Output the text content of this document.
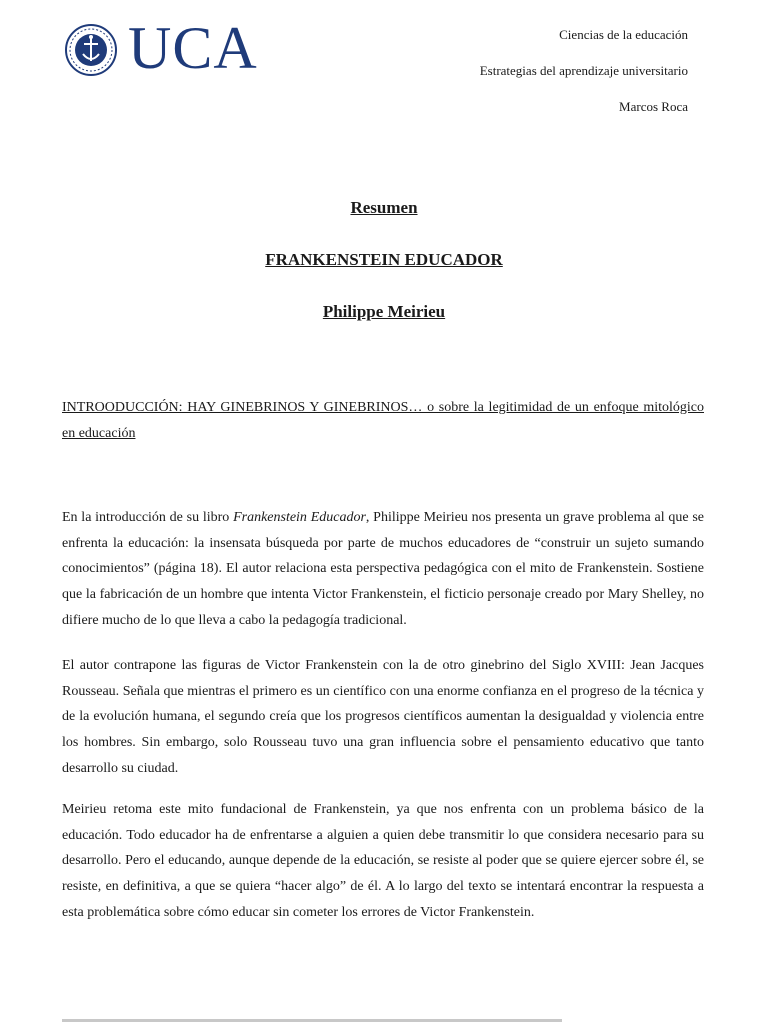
UCA	Ciencias de la educación
Estrategias del aprendizaje universitario
Marcos Roca
Resumen
FRANKENSTEIN EDUCADOR
Philippe Meirieu

INTROODUCCIÓN: HAY GINEBRINOS Y GINEBRINOS… o sobre la legitimidad de un enfoque mitológico en educación

En la introducción de su libro Frankenstein Educador, Philippe Meirieu nos presenta un grave problema al que se enfrenta la educación: la insensata búsqueda por parte de muchos educadores de “construir un sujeto sumando conocimientos” (página 18). El autor relaciona esta perspectiva pedagógica con el mito de Frankenstein. Sostiene que la fabricación de un hombre que intenta Victor Frankenstein, el ficticio personaje creado por Mary Shelley, no difiere mucho de lo que lleva a cabo la pedagogía tradicional.

El autor contrapone las figuras de Victor Frankenstein con la de otro ginebrino del Siglo XVIII: Jean Jacques Rousseau. Señala que mientras el primero es un científico con una enorme confianza en el progreso de la técnica y de la evolución humana, el segundo creía que los progresos científicos aumentan la desigualdad y violencia entre los hombres. Sin embargo, solo Rousseau tuvo una gran influencia sobre el pensamiento educativo que tanto desarrollo su ciudad.

Meirieu retoma este mito fundacional de Frankenstein, ya que nos enfrenta con un problema básico de la educación. Todo educador ha de enfrentarse a alguien a quien debe transmitir lo que considera necesario para su desarrollo. Pero el educando, aunque depende de la educación, se resiste al poder que se quiere ejercer sobre él, se resiste, en definitiva, a que se quiera “hacer algo” de él. A lo largo del texto se intentará encontrar la respuesta a esta problemática sobre cómo educar sin cometer los errores de Victor Frankenstein.
